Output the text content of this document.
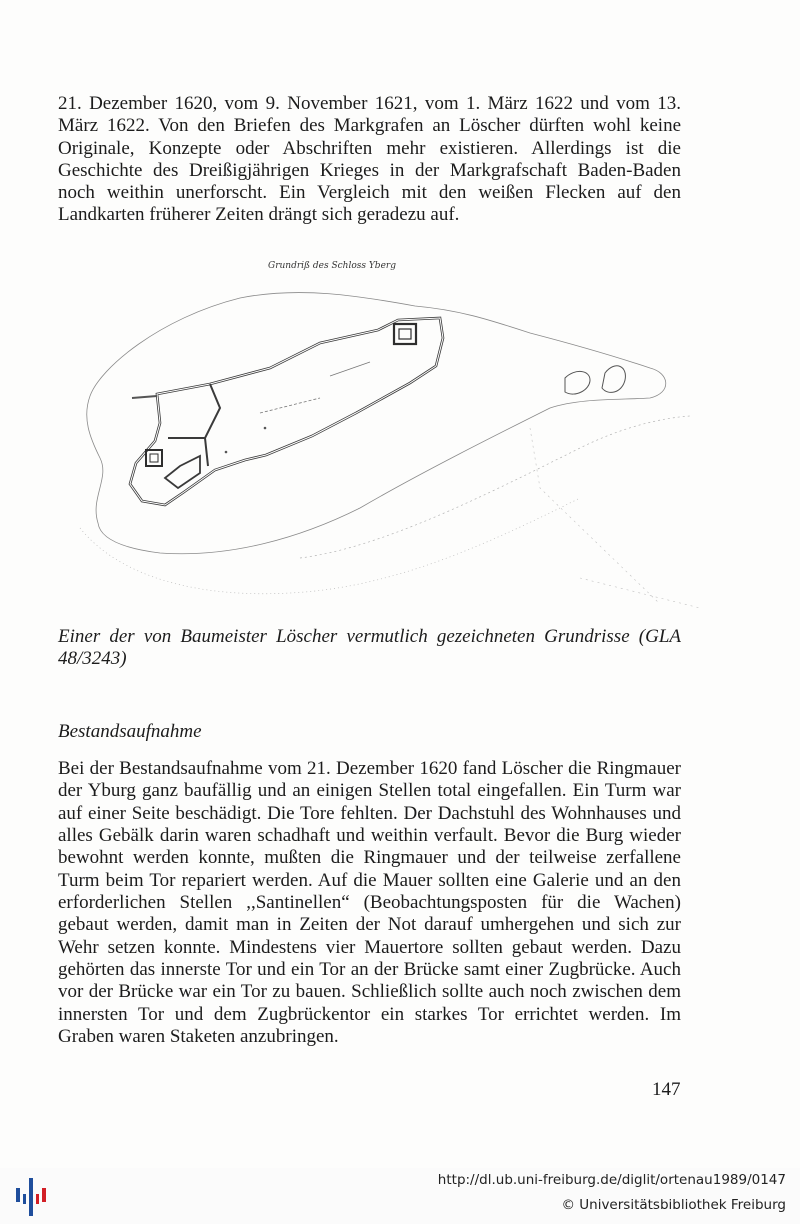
21. Dezember 1620, vom 9. November 1621, vom 1. März 1622 und vom 13. März 1622. Von den Briefen des Markgrafen an Löscher dürften wohl keine Originale, Konzepte oder Abschriften mehr existieren. Allerdings ist die Geschichte des Dreißigjährigen Krieges in der Markgrafschaft Baden-Baden noch weithin unerforscht. Ein Vergleich mit den weißen Flecken auf den Landkarten früherer Zeiten drängt sich geradezu auf.

Grundriß des Schloss Yberg

Einer der von Baumeister Löscher vermutlich gezeichneten Grundrisse (GLA 48/3243)

Bestandsaufnahme

Bei der Bestandsaufnahme vom 21. Dezember 1620 fand Löscher die Ringmauer der Yburg ganz baufällig und an einigen Stellen total eingefallen. Ein Turm war auf einer Seite beschädigt. Die Tore fehlten. Der Dachstuhl des Wohnhauses und alles Gebälk darin waren schadhaft und weithin verfault. Bevor die Burg wieder bewohnt werden konnte, mußten die Ringmauer und der teilweise zerfallene Turm beim Tor repariert werden. Auf die Mauer sollten eine Galerie und an den erforderlichen Stellen ,,Santinellen“ (Beobachtungsposten für die Wachen) gebaut werden, damit man in Zeiten der Not darauf umhergehen und sich zur Wehr setzen konnte. Mindestens vier Mauertore sollten gebaut werden. Dazu gehörten das innerste Tor und ein Tor an der Brücke samt einer Zugbrücke. Auch vor der Brücke war ein Tor zu bauen. Schließlich sollte auch noch zwischen dem innersten Tor und dem Zugbrückentor ein starkes Tor errichtet werden. Im Graben waren Staketen anzubringen.

147
http://dl.ub.uni-freiburg.de/diglit/ortenau1989/0147
© Universitätsbibliothek Freiburg
